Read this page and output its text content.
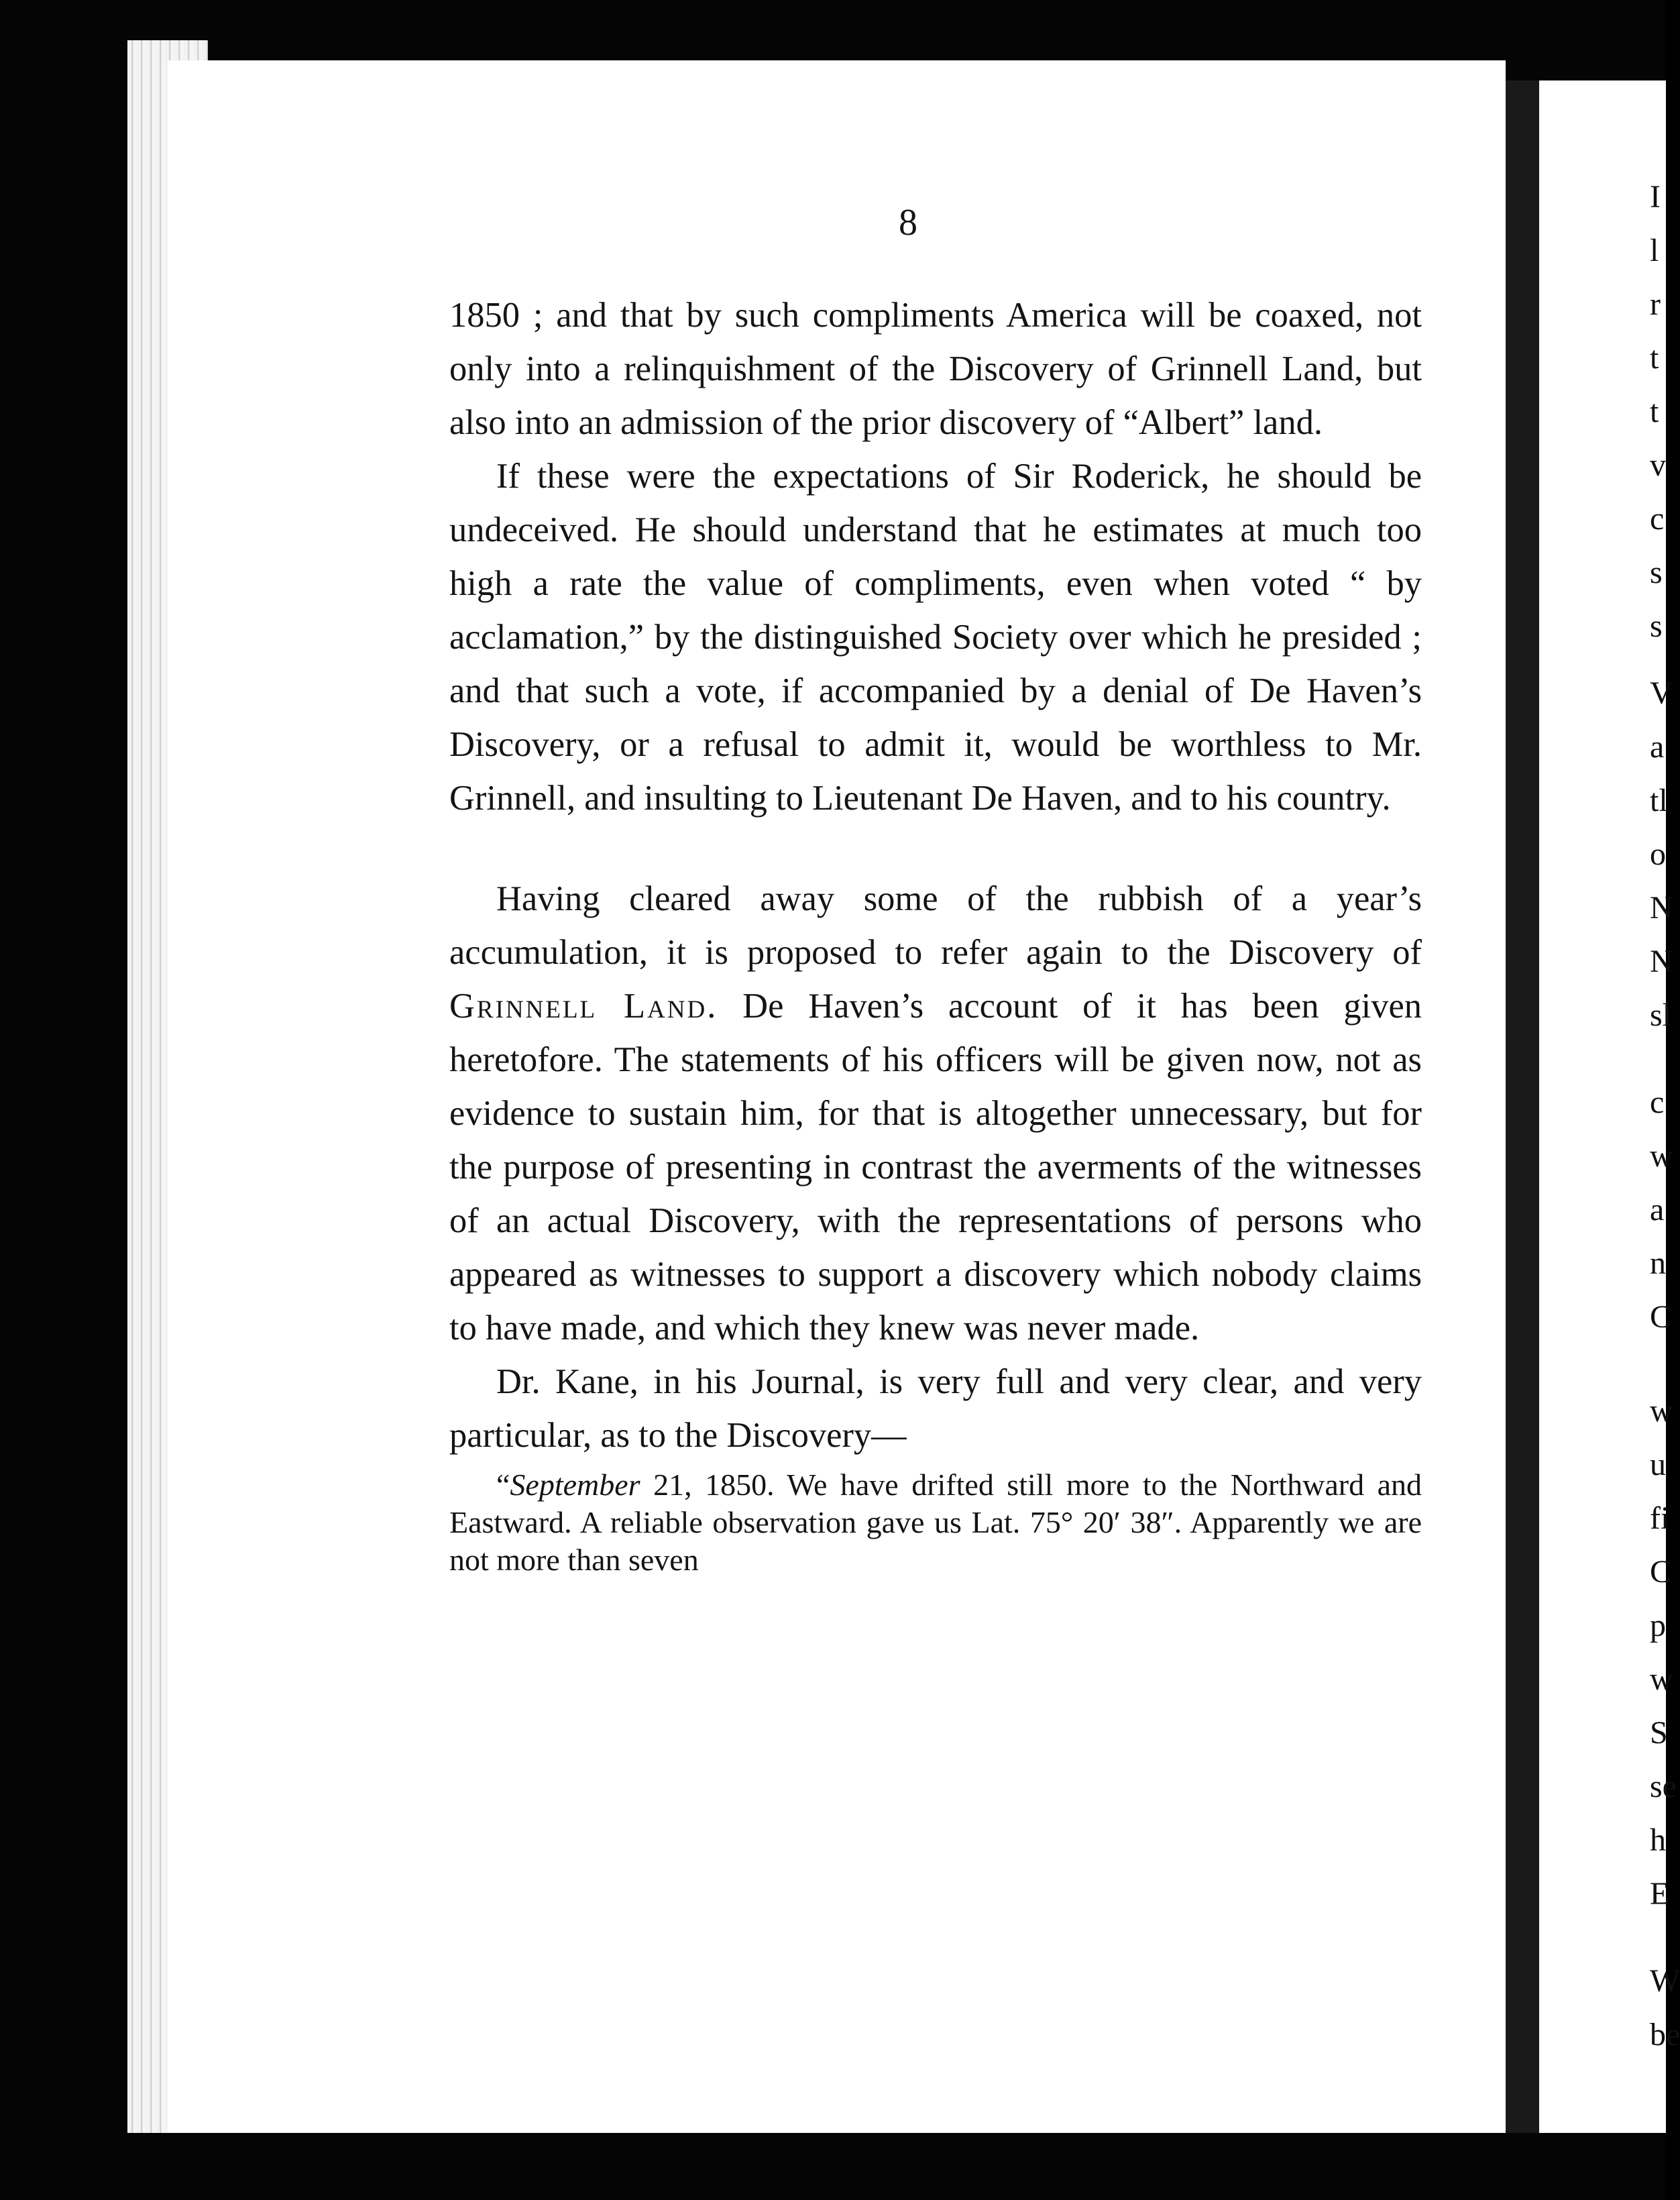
I
l
r
t
t
v
c
s
s
V
a
tl
o
N
N
sl
c
w
a
n
C
w
u
fi
C
p
w
S
se
h
E
W
be
8

1850 ; and that by such compliments America will be coaxed, not only into a relinquishment of the Discovery of Grinnell Land, but also into an admission of the prior discovery of “Albert” land.

If these were the expectations of Sir Roderick, he should be undeceived. He should understand that he estimates at much too high a rate the value of compliments, even when voted “ by acclamation,” by the distinguished Society over which he presided ; and that such a vote, if accompanied by a denial of De Haven’s Discovery, or a refusal to admit it, would be worthless to Mr. Grinnell, and insulting to Lieutenant De Haven, and to his country.

Having cleared away some of the rubbish of a year’s accumulation, it is proposed to refer again to the Discovery of Grinnell Land. De Haven’s account of it has been given heretofore. The statements of his officers will be given now, not as evidence to sustain him, for that is altogether unnecessary, but for the purpose of presenting in contrast the averments of the witnesses of an actual Discovery, with the representations of persons who appeared as witnesses to support a discovery which nobody claims to have made, and which they knew was never made.

Dr. Kane, in his Journal, is very full and very clear, and very particular, as to the Discovery—

“September 21, 1850. We have drifted still more to the Northward and Eastward. A reliable observation gave us Lat. 75° 20′ 38″. Apparently we are not more than seven
